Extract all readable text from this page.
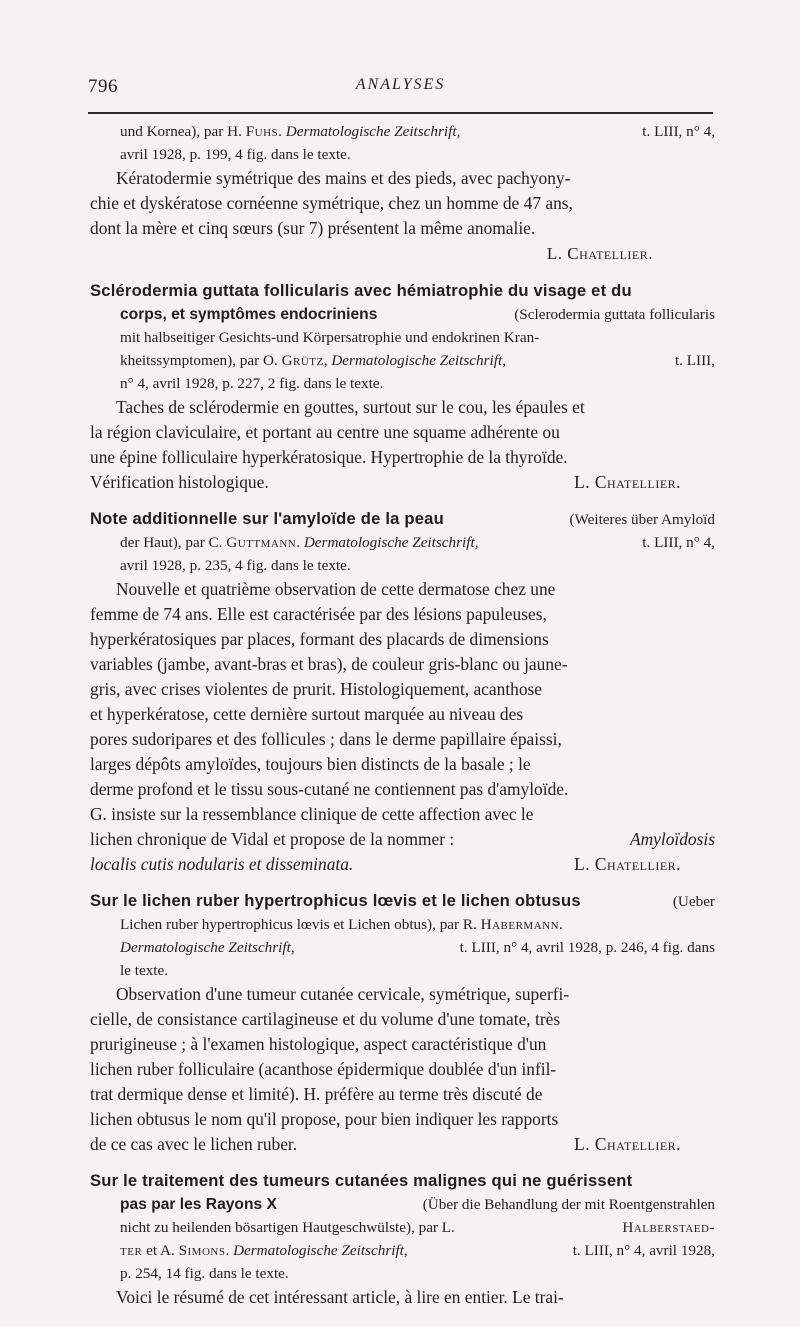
796	ANALYSES
und Kornea), par H. Fuhs. Dermatologische Zeitschrift,	t. LIII, n° 4,
avril 1928, p. 199, 4 fig. dans le texte.
Kératodermie symétrique des mains et des pieds, avec pachyony-
chie et dyskératose cornéenne symétrique, chez un homme de 47 ans,
dont la mère et cinq sœurs (sur 7) présentent la même anomalie.
L. Chatellier.
Sclérodermia guttata follicularis avec hémiatrophie du visage et du
corps, et symptômes endocriniens	(Sclerodermia guttata follicularis
mit halbseitiger Gesichts-und Körpersatrophie und endokrinen Kran-
kheitssymptomen), par O. Grütz, Dermatologische Zeitschrift,	t. LIII,
n° 4, avril 1928, p. 227, 2 fig. dans le texte.
Taches de sclérodermie en gouttes, surtout sur le cou, les épaules et
la région claviculaire, et portant au centre une squame adhérente ou
une épine folliculaire hyperkératosique. Hypertrophie de la thyroïde.
Vérification histologique.	L. Chatellier.
Note additionnelle sur l'amyloïde de la peau	(Weiteres über Amyloïd
der Haut), par C. Guttmann. Dermatologische Zeitschrift,	t. LIII, n° 4,
avril 1928, p. 235, 4 fig. dans le texte.
Nouvelle et quatrième observation de cette dermatose chez une
femme de 74 ans. Elle est caractérisée par des lésions papuleuses,
hyperkératosiques par places, formant des placards de dimensions
variables (jambe, avant-bras et bras), de couleur gris-blanc ou jaune-
gris, avec crises violentes de prurit. Histologiquement, acanthose
et hyperkératose, cette dernière surtout marquée au niveau des
pores sudoripares et des follicules ; dans le derme papillaire épaissi,
larges dépôts amyloïdes, toujours bien distincts de la basale ; le
derme profond et le tissu sous-cutané ne contiennent pas d'amyloïde.
G. insiste sur la ressemblance clinique de cette affection avec le
lichen chronique de Vidal et propose de la nommer :	Amyloïdosis
localis cutis nodularis et disseminata.	L. Chatellier.
Sur le lichen ruber hypertrophicus lœvis et le lichen obtusus	(Ueber
Lichen ruber hypertrophicus lœvis et Lichen obtus), par R. Habermann.
Dermatologische Zeitschrift,	t. LIII, n° 4, avril 1928, p. 246, 4 fig. dans
le texte.
Observation d'une tumeur cutanée cervicale, symétrique, superfi-
cielle, de consistance cartilagineuse et du volume d'une tomate, très
prurigineuse ; à l'examen histologique, aspect caractéristique d'un
lichen ruber folliculaire (acanthose épidermique doublée d'un infil-
trat dermique dense et limité). H. préfère au terme très discuté de
lichen obtusus le nom qu'il propose, pour bien indiquer les rapports
de ce cas avec le lichen ruber.	L. Chatellier.
Sur le traitement des tumeurs cutanées malignes qui ne guérissent
pas par les Rayons X	(Über die Behandlung der mit Roentgenstrahlen
nicht zu heilenden bösartigen Hautgeschwülste), par L.	Halberstaed-
ter et A. Simons. Dermatologische Zeitschrift,	t. LIII, n° 4, avril 1928,
p. 254, 14 fig. dans le texte.
Voici le résumé de cet intéressant article, à lire en entier. Le trai-
